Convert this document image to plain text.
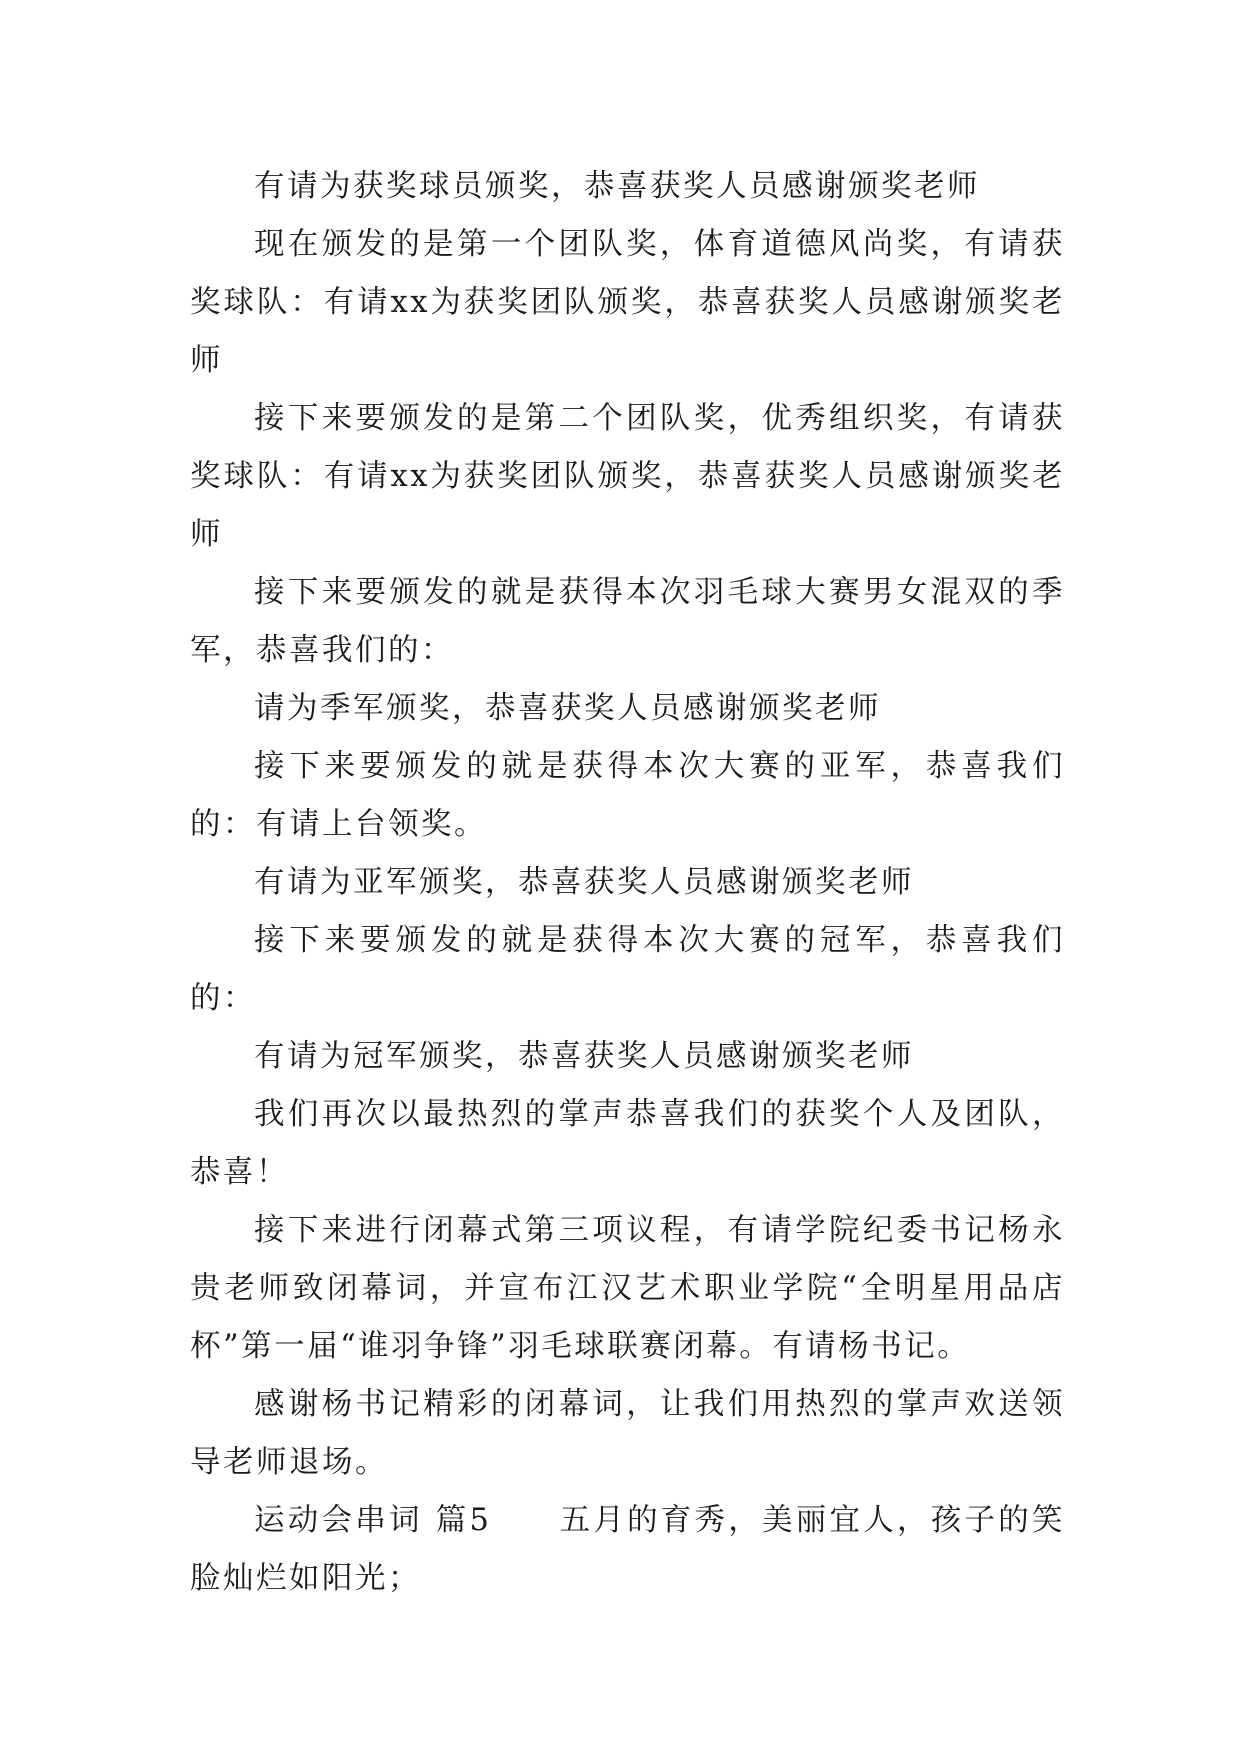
有请为获奖球员颁奖，恭喜获奖人员感谢颁奖老师

现在颁发的是第一个团队奖，体育道德风尚奖，有请获奖球队：有请xx为获奖团队颁奖，恭喜获奖人员感谢颁奖老师

接下来要颁发的是第二个团队奖，优秀组织奖，有请获奖球队：有请xx为获奖团队颁奖，恭喜获奖人员感谢颁奖老师

接下来要颁发的就是获得本次羽毛球大赛男女混双的季军，恭喜我们的：

请为季军颁奖，恭喜获奖人员感谢颁奖老师

接下来要颁发的就是获得本次大赛的亚军，恭喜我们的：有请上台领奖。

有请为亚军颁奖，恭喜获奖人员感谢颁奖老师

接下来要颁发的就是获得本次大赛的冠军，恭喜我们的：

有请为冠军颁奖，恭喜获奖人员感谢颁奖老师

我们再次以最热烈的掌声恭喜我们的获奖个人及团队，恭喜！

接下来进行闭幕式第三项议程，有请学院纪委书记杨永贵老师致闭幕词，并宣布江汉艺术职业学院“全明星用品店杯”第一届“谁羽争锋”羽毛球联赛闭幕。有请杨书记。

感谢杨书记精彩的闭幕词，让我们用热烈的掌声欢送领导老师退场。

运动会串词 篇5　　五月的育秀，美丽宜人，孩子的笑脸灿烂如阳光；
